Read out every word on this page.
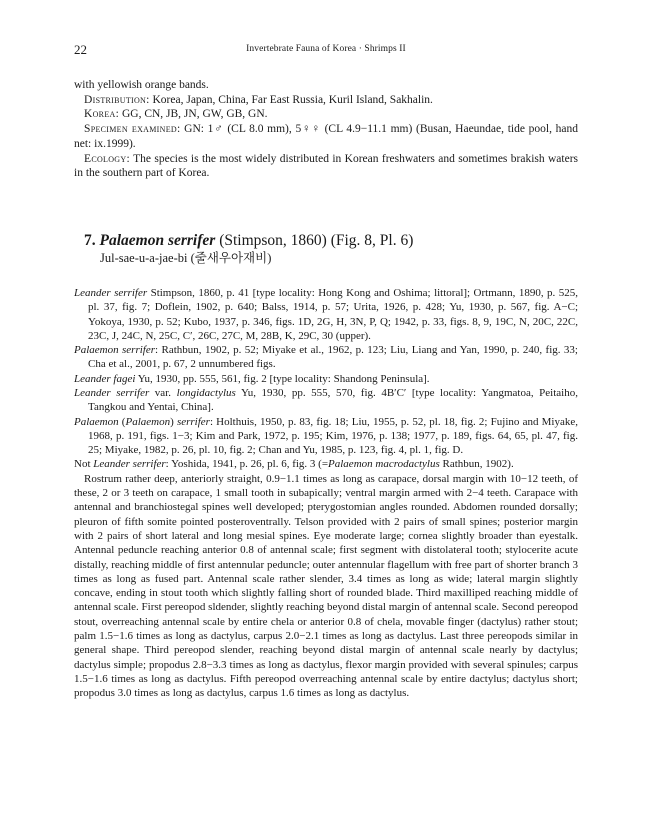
22	Invertebrate Fauna of Korea · Shrimps II

with yellowish orange bands.

Distribution: Korea, Japan, China, Far East Russia, Kuril Island, Sakhalin.

Korea: GG, CN, JB, JN, GW, GB, GN.

Specimen examined: GN: 1♂ (CL 8.0 mm), 5♀♀ (CL 4.9−11.1 mm) (Busan, Haeundae, tide pool, hand net: ix.1999).

Ecology: The species is the most widely distributed in Korean freshwaters and sometimes brakish waters in the southern part of Korea.

7. Palaemon serrifer (Stimpson, 1860) (Fig. 8, Pl. 6)
Jul-sae-u-a-jae-bi (줄새우아재비)

Leander serrifer Stimpson, 1860, p. 41 [type locality: Hong Kong and Oshima; littoral]; Ortmann, 1890, p. 525, pl. 37, fig. 7; Doflein, 1902, p. 640; Balss, 1914, p. 57; Urita, 1926, p. 428; Yu, 1930, p. 567, fig. A−C; Yokoya, 1930, p. 52; Kubo, 1937, p. 346, figs. 1D, 2G, H, 3N, P, Q; 1942, p. 33, figs. 8, 9, 19C, N, 20C, 22C, 23C, J, 24C, N, 25C, C′, 26C, 27C, M, 28B, K, 29C, 30 (upper).

Palaemon serrifer: Rathbun, 1902, p. 52; Miyake et al., 1962, p. 123; Liu, Liang and Yan, 1990, p. 240, fig. 33; Cha et al., 2001, p. 67, 2 unnumbered figs.

Leander fagei Yu, 1930, pp. 555, 561, fig. 2 [type locality: Shandong Peninsula].

Leander serrifer var. longidactylus Yu, 1930, pp. 555, 570, fig. 4B′C′ [type locality: Yangmatoa, Peitaiho, Tangkou and Yentai, China].

Palaemon (Palaemon) serrifer: Holthuis, 1950, p. 83, fig. 18; Liu, 1955, p. 52, pl. 18, fig. 2; Fujino and Miyake, 1968, p. 191, figs. 1−3; Kim and Park, 1972, p. 195; Kim, 1976, p. 138; 1977, p. 189, figs. 64, 65, pl. 47, fig. 25; Miyake, 1982, p. 26, pl. 10, fig. 2; Chan and Yu, 1985, p. 123, fig. 4, pl. 1, fig. D.

Not Leander serrifer: Yoshida, 1941, p. 26, pl. 6, fig. 3 (=Palaemon macrodactylus Rathbun, 1902).

Rostrum rather deep, anteriorly straight, 0.9−1.1 times as long as carapace, dorsal margin with 10−12 teeth, of these, 2 or 3 teeth on carapace, 1 small tooth in subapically; ventral margin armed with 2−4 teeth. Carapace with antennal and branchiostegal spines well developed; pterygostomian angles rounded. Abdomen rounded dorsally; pleuron of fifth somite pointed posteroventrally. Telson provided with 2 pairs of small spines; posterior margin with 2 pairs of short lateral and long mesial spines. Eye moderate large; cornea slightly broader than eyestalk. Antennal peduncle reaching anterior 0.8 of antennal scale; first segment with distolateral tooth; stylocerite acute distally, reaching middle of first antennular peduncle; outer antennular flagellum with free part of shorter branch 3 times as long as fused part. Antennal scale rather slender, 3.4 times as long as wide; lateral margin slightly concave, ending in stout tooth which slightly falling short of rounded blade. Third maxilliped reaching middle of antennal scale. First pereopod sldender, slightly reaching beyond distal margin of antennal scale. Second pereopod stout, overreaching antennal scale by entire chela or anterior 0.8 of chela, movable finger (dactylus) rather stout; palm 1.5−1.6 times as long as dactylus, carpus 2.0−2.1 times as long as dactylus. Last three pereopods similar in general shape. Third pereopod slender, reaching beyond distal margin of antennal scale nearly by dactylus; dactylus simple; propodus 2.8−3.3 times as long as dactylus, flexor margin provided with several spinules; carpus 1.5−1.6 times as long as dactylus. Fifth pereopod overreaching antennal scale by entire dactylus; dactylus short; propodus 3.0 times as long as dactylus, carpus 1.6 times as long as dactylus.
